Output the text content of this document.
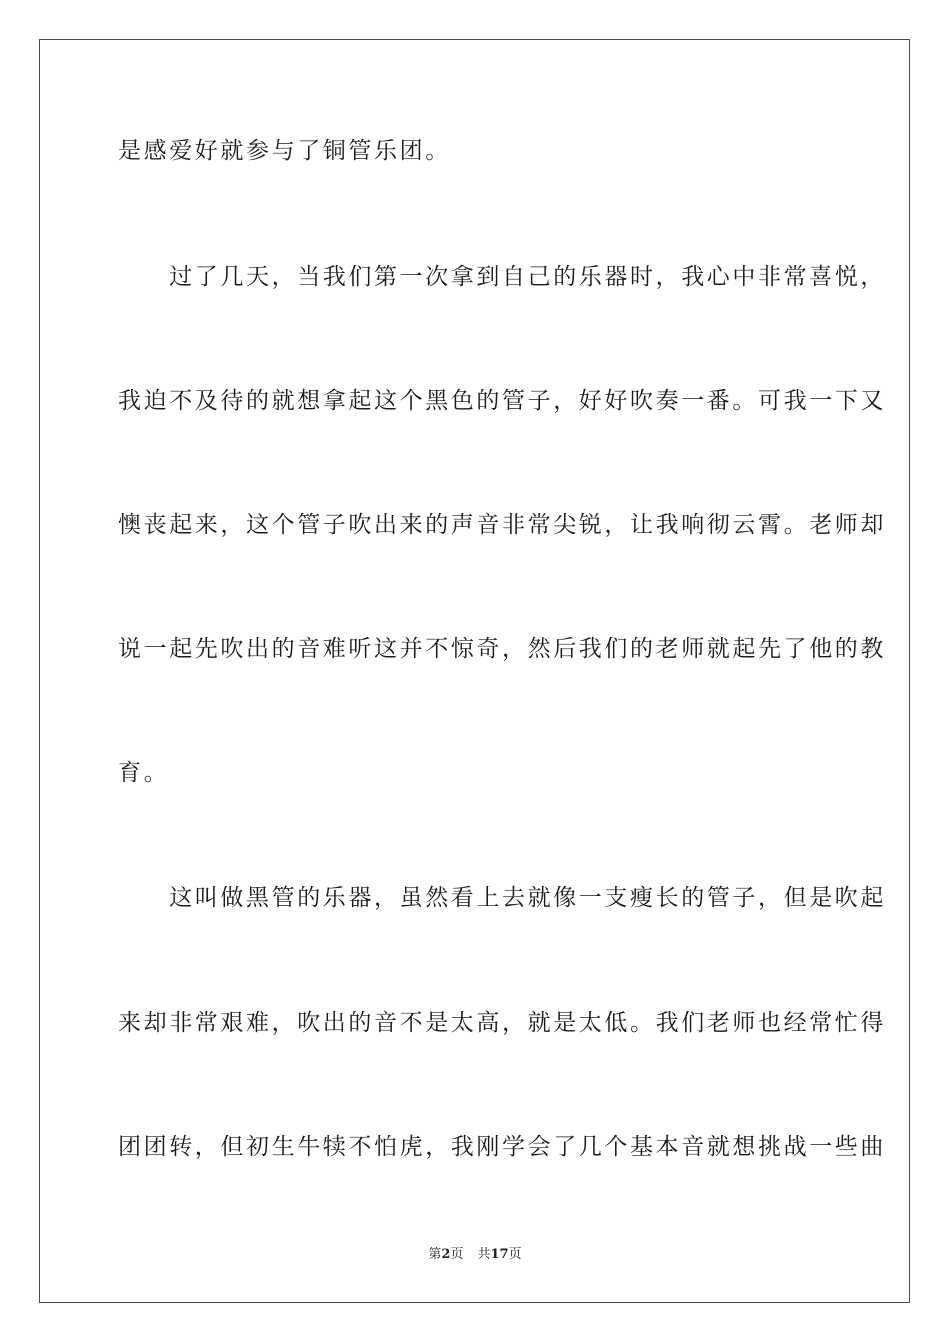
是感爱好就参与了铜管乐团。
　　过了几天，当我们第一次拿到自己的乐器时，我心中非常喜悦，
我迫不及待的就想拿起这个黑色的管子，好好吹奏一番。可我一下又
懊丧起来，这个管子吹出来的声音非常尖锐，让我响彻云霄。老师却
说一起先吹出的音难听这并不惊奇，然后我们的老师就起先了他的教
育。
　　这叫做黑管的乐器，虽然看上去就像一支瘦长的管子，但是吹起
来却非常艰难，吹出的音不是太高，就是太低。我们老师也经常忙得
团团转，但初生牛犊不怕虎，我刚学会了几个基本音就想挑战一些曲
第2页 共17页
